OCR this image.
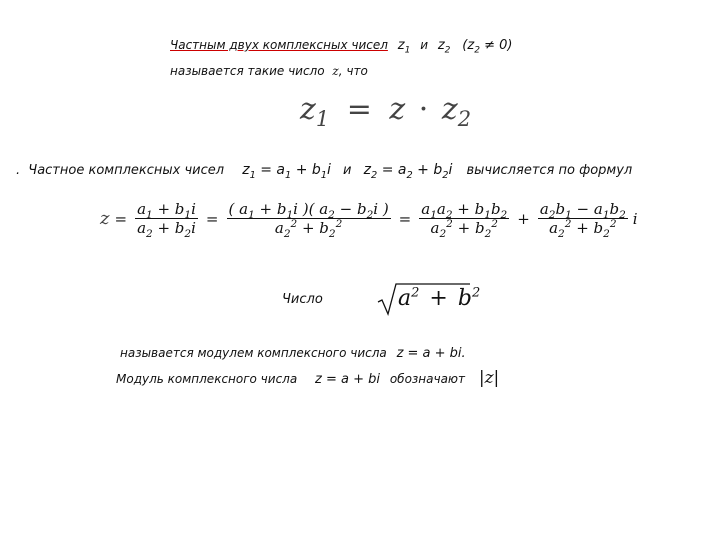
Частным двух комплексных чисел $z_1$ и $z_2$ $(z_2 \ne 0)$
называется такие число z, что
$z_1 = z \cdot z_2$
. Частное комплексных чисел $z_1 = a_1 + b_1i$ и $z_2 = a_2 + b_2i$ вычисляется по формул
$z = \frac{a_1 + b_1i}{a_2 + b_2i} = \frac{( a_1 + b_1i )( a_2 - b_2i )}{a_2^2 + b_2^2} = \frac{a_1a_2 + b_1b_2}{a_2^2 + b_2^2} + \frac{a_2b_1 - a_1b_2}{a_2^2 + b_2^2}$ i
Число	$a^2 + b^2$
называется модулем комплексного числа z = a + bi.
Модуль комплексного числа z = a + bi обозначают |z|
